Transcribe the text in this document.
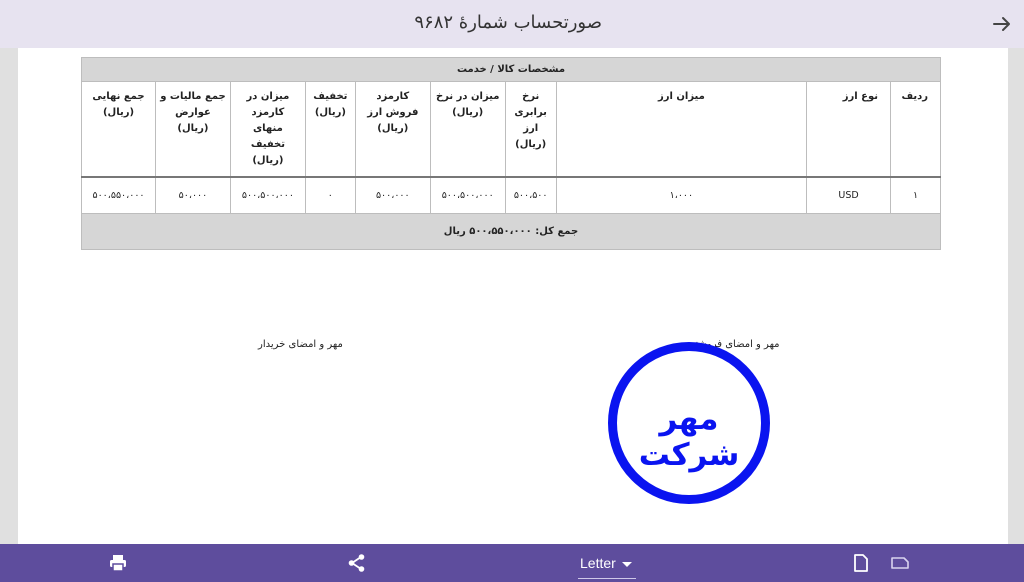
صورتحساب شمارهٔ ۹۶۸۲
مشخصات کالا / خدمت									
ردیف	نوع ارز	میزان ارز	نرخ برابری ارز (ریال)	میزان در نرخ (ریال)	کارمزد فروش ارز (ریال)	تخفیف (ریال)	میزان در کارمزد منهای تخفیف (ریال)	جمع مالیات و عوارض (ریال)	جمع نهایی (ریال)
۱	USD	۱،۰۰۰	۵۰۰،۵۰۰	۵۰۰،۵۰۰،۰۰۰	۵۰۰،۰۰۰	۰	۵۰۰،۵۰۰،۰۰۰	۵۰،۰۰۰	۵۰۰،۵۵۰،۰۰۰
جمع کل: ۵۰۰،۵۵۰،۰۰۰ ریال									
مهر و امضای فروشنده
مهر و امضای خریدار
مهر شرکت
Letter
